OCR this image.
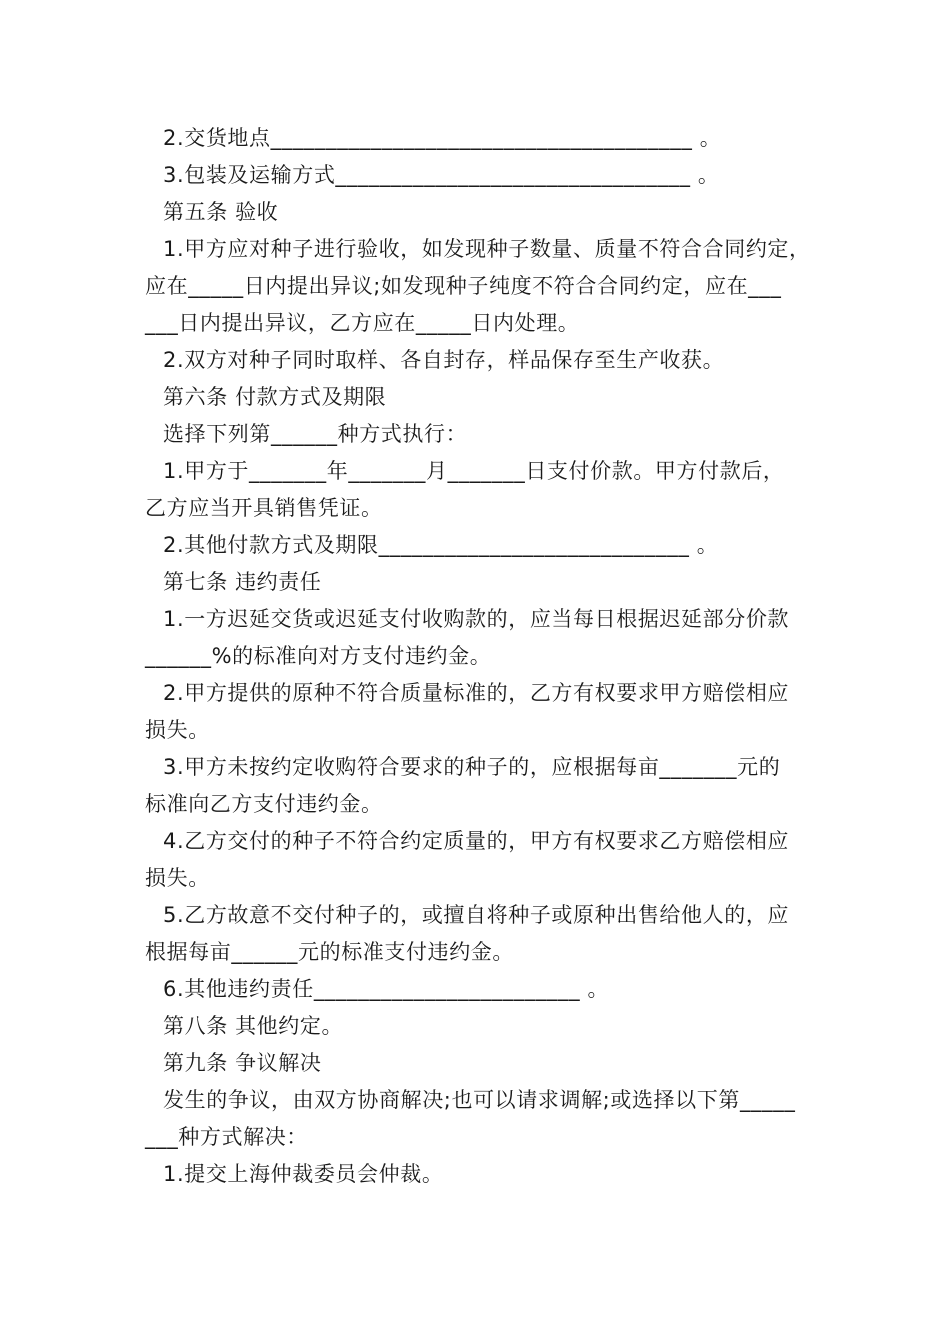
2.交货地点______________________________________ 。
3.包装及运输方式________________________________ 。
第五条 验收
1.甲方应对种子进行验收，如发现种子数量、质量不符合合同约定，
应在_____日内提出异议;如发现种子纯度不符合合同约定，应在___
___日内提出异议，乙方应在_____日内处理。
2.双方对种子同时取样、各自封存，样品保存至生产收获。
第六条 付款方式及期限
选择下列第______种方式执行：
1.甲方于_______年_______月_______日支付价款。甲方付款后，
乙方应当开具销售凭证。
2.其他付款方式及期限____________________________ 。
第七条 违约责任
1.一方迟延交货或迟延支付收购款的，应当每日根据迟延部分价款
______%的标准向对方支付违约金。
2.甲方提供的原种不符合质量标准的，乙方有权要求甲方赔偿相应
损失。
3.甲方未按约定收购符合要求的种子的，应根据每亩_______元的
标准向乙方支付违约金。
4.乙方交付的种子不符合约定质量的，甲方有权要求乙方赔偿相应
损失。
5.乙方故意不交付种子的，或擅自将种子或原种出售给他人的，应
根据每亩______元的标准支付违约金。
6.其他违约责任________________________ 。
第八条 其他约定。
第九条 争议解决
发生的争议，由双方协商解决;也可以请求调解;或选择以下第_____
___种方式解决：
1.提交上海仲裁委员会仲裁。
